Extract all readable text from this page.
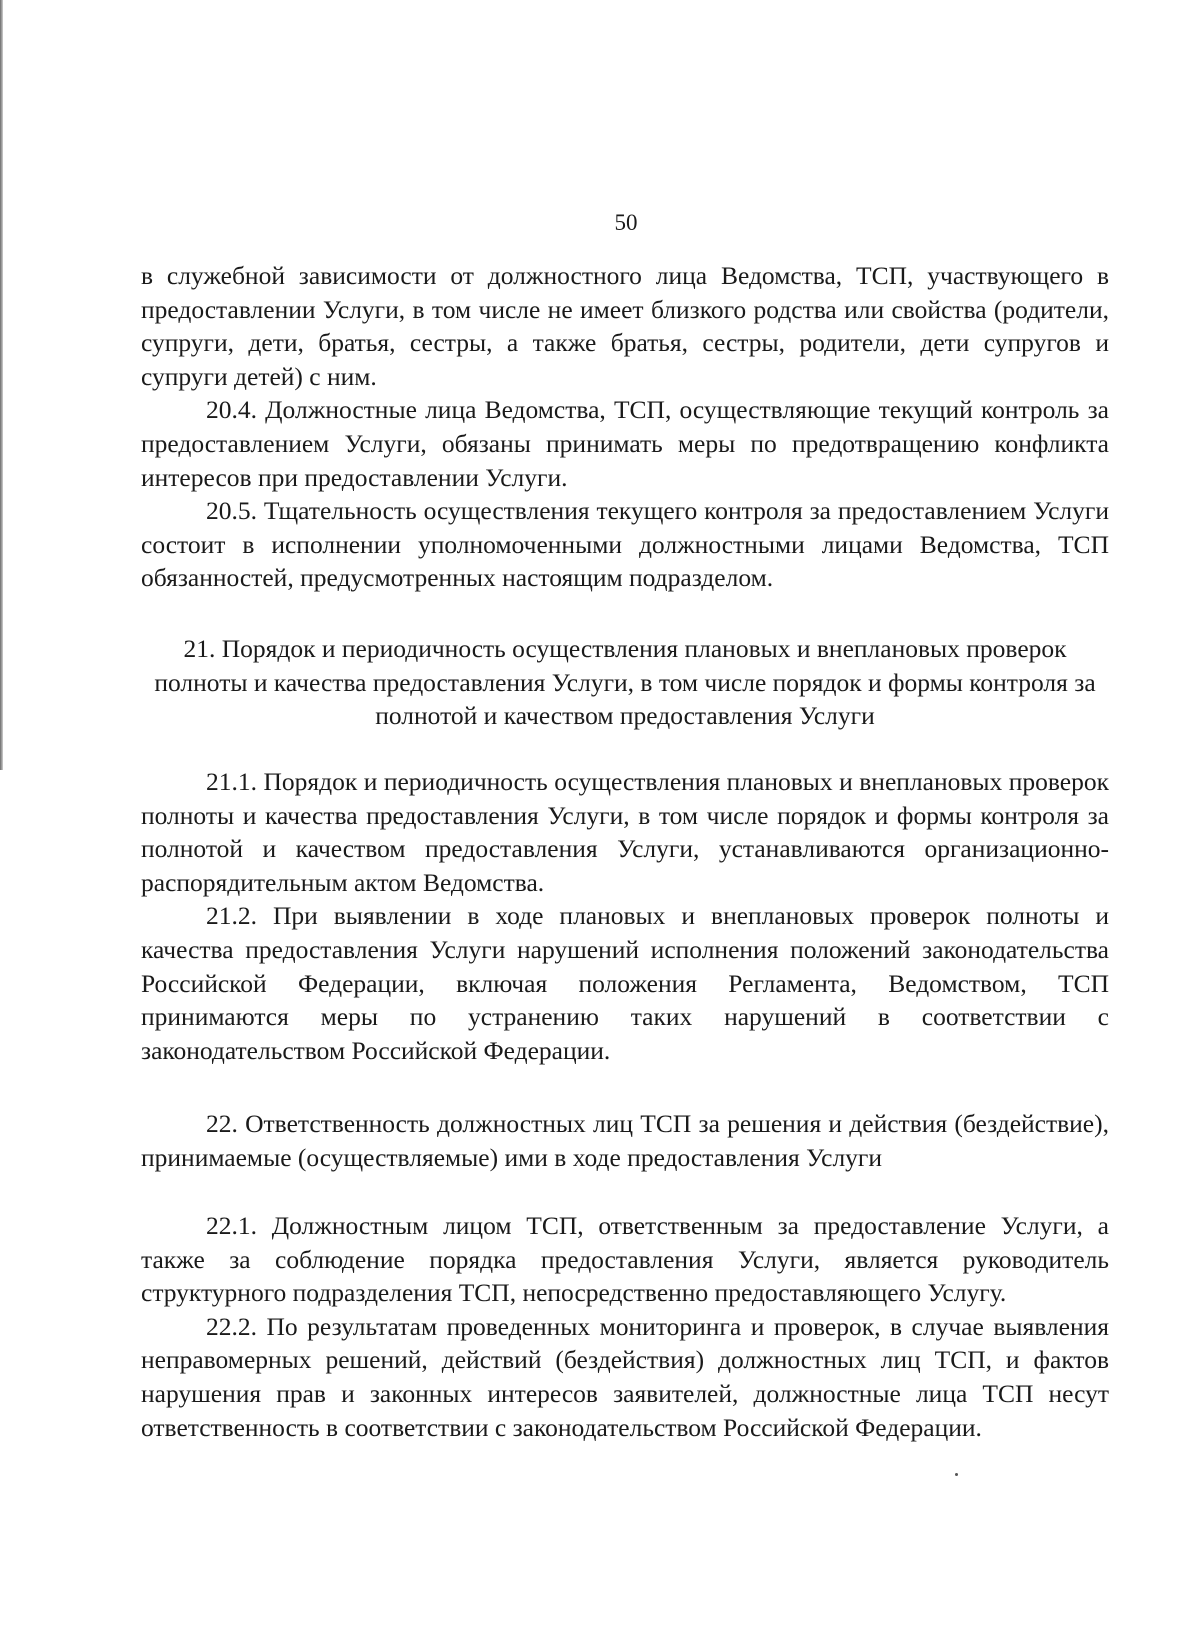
50

в служебной зависимости от должностного лица Ведомства, ТСП, участвующего в предоставлении Услуги, в том числе не имеет близкого родства или свойства (родители, супруги, дети, братья, сестры, а также братья, сестры, родители, дети супругов и супруги детей) с ним.

20.4. Должностные лица Ведомства, ТСП, осуществляющие текущий контроль за предоставлением Услуги, обязаны принимать меры по предотвращению конфликта интересов при предоставлении Услуги.

20.5. Тщательность осуществления текущего контроля за предоставлением Услуги состоит в исполнении уполномоченными должностными лицами Ведомства, ТСП обязанностей, предусмотренных настоящим подразделом.

21. Порядок и периодичность осуществления плановых и внеплановых проверок полноты и качества предоставления Услуги, в том числе порядок и формы контроля за полнотой и качеством предоставления Услуги

21.1. Порядок и периодичность осуществления плановых и внеплановых проверок полноты и качества предоставления Услуги, в том числе порядок и формы контроля за полнотой и качеством предоставления Услуги, устанавливаются организационно-распорядительным актом Ведомства.

21.2. При выявлении в ходе плановых и внеплановых проверок полноты и качества предоставления Услуги нарушений исполнения положений законодательства Российской Федерации, включая положения Регламента, Ведомством, ТСП принимаются меры по устранению таких нарушений в соответствии с законодательством Российской Федерации.

22. Ответственность должностных лиц ТСП за решения и действия (бездействие), принимаемые (осуществляемые) ими в ходе предоставления Услуги

22.1. Должностным лицом ТСП, ответственным за предоставление Услуги, а также за соблюдение порядка предоставления Услуги, является руководитель структурного подразделения ТСП, непосредственно предоставляющего Услугу.

22.2. По результатам проведенных мониторинга и проверок, в случае выявления неправомерных решений, действий (бездействия) должностных лиц ТСП, и фактов нарушения прав и законных интересов заявителей, должностные лица ТСП несут ответственность в соответствии с законодательством Российской Федерации.
